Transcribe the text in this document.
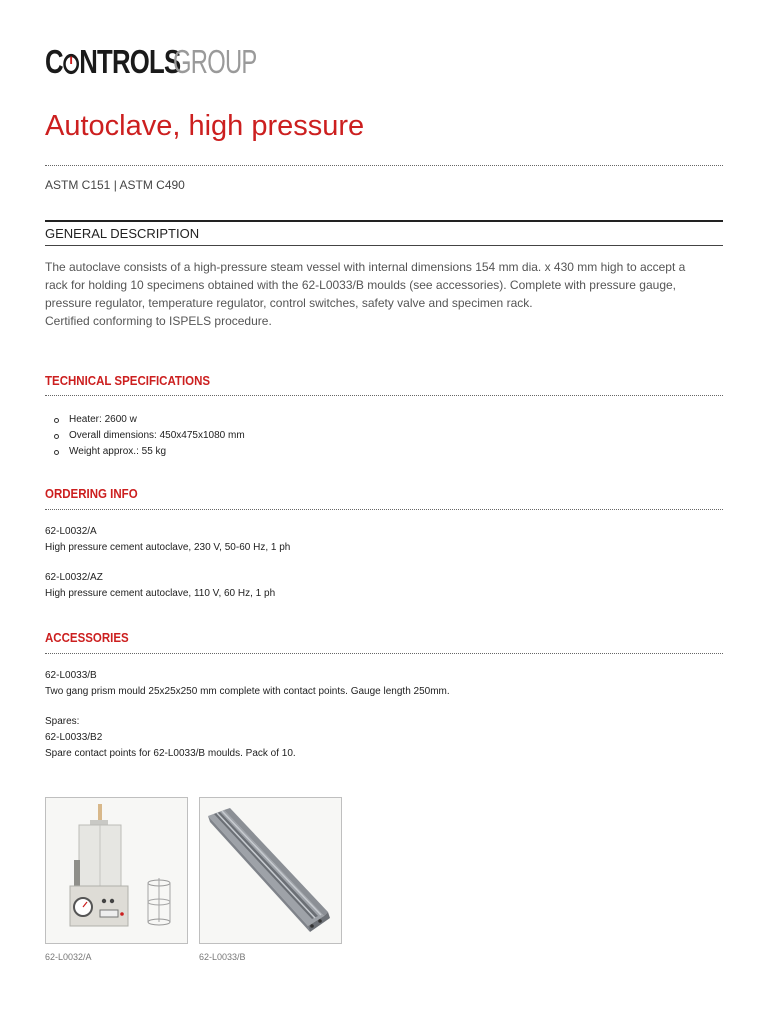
C NTROLS
GROUP
Autoclave, high pressure
ASTM C151 | ASTM C490
GENERAL DESCRIPTION

The autoclave consists of a high-pressure steam vessel with internal dimensions 154 mm dia. x 430 mm high to accept a

rack for holding 10 specimens obtained with the 62-L0033/B moulds (see accessories). Complete with pressure gauge,

pressure regulator, temperature regulator, control switches, safety valve and specimen rack.

Certified conforming to ISPELS procedure.

TECHNICAL SPECIFICATIONS
Heater: 2600 w
Overall dimensions: 450x475x1080 mm
Weight approx.: 55 kg
ORDERING INFO
62-L0032/A
High pressure cement autoclave, 230 V, 50-60 Hz, 1 ph
62-L0032/AZ
High pressure cement autoclave, 110 V, 60 Hz, 1 ph
ACCESSORIES
62-L0033/B
Two gang prism mould 25x25x250 mm complete with contact points. Gauge length 250mm.
Spares:
62-L0033/B2
Spare contact points for 62-L0033/B moulds. Pack of 10.
62-L0032/A	62-L0033/B
